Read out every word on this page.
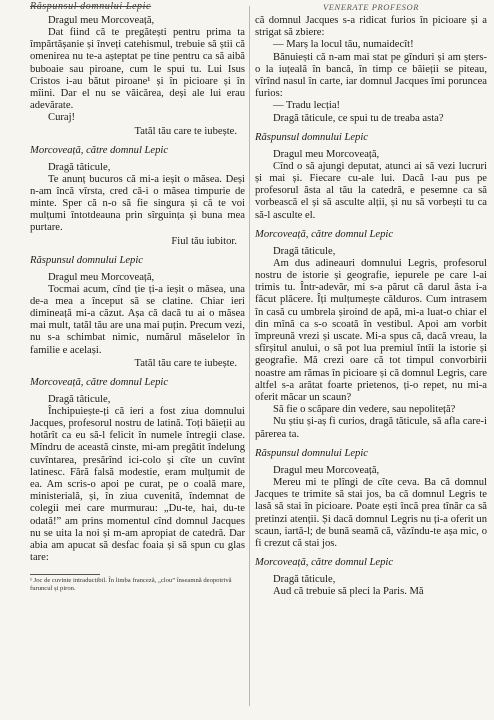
Răspunsul domnului Lepic
Dragul meu Morcoveață,

Dat fiind că te pregătești pentru prima ta împărtășanie și înveți catehismul, trebuie să știi că omenirea nu te-a așteptat pe tine pentru ca să aibă buboaie sau piroane, cum le spui tu. Lui Isus Cristos i-au bătut piroane¹ și în picioare și în mîini. Dar el nu se văicărea, deși ale lui erau adevărate.

Curaj!

Tatăl tău care te iubește.
Morcoveață, către domnul Lepic
Dragă tăticule,

Te anunț bucuros că mi-a ieșit o măsea. Deși n-am încă vîrsta, cred că-i o măsea timpurie de minte. Sper că n-o să fie singura și că te voi mulțumi întotdeauna prin sîrguința și buna mea purtare.

Fiul tău iubitor.
Răspunsul domnului Lepic
Dragul meu Morcoveață,

Tocmai acum, cînd ție ți-a ieșit o măsea, una de-a mea a început să se clatine. Chiar ieri dimineață mi-a căzut. Așa că dacă tu ai o măsea mai mult, tatăl tău are una mai puțin. Precum vezi, nu s-a schimbat nimic, numărul măselelor în familie e același.

Tatăl tău care te iubește.
Morcoveață, către domnul Lepic
Dragă tăticule,

Închipuiește-ți că ieri a fost ziua domnului Jacques, profesorul nostru de latină. Toți băieții au hotărît ca eu să-l felicit în numele întregii clase. Mîndru de această cinste, mi-am pregătit îndelung cuvîntarea, presărînd ici-colo și cîte un cuvînt latinesc. Fără falsă modestie, eram mulțumit de ea. Am scris-o apoi pe curat, pe o coală mare, ministerială, și, în ziua cuvenită, îndemnat de colegii mei care murmurau: „Du-te, hai, du-te odată!” am prins momentul cînd domnul Jacques nu se uita la noi și m-am apropiat de catedră. Dar abia am apucat să desfac foaia și să spun cu glas tare:

¹ Joc de cuvinte intraductibil. În limba franceză, „clou” înseamnă deopotrivă furuncul și piron.

VENERATE PROFESOR

că domnul Jacques s-a ridicat furios în picioare și a strigat să zbiere:

— Marș la locul tău, numaidecît!

Bănuiești că n-am mai stat pe gînduri și am șters-o la iuțeală în bancă, în timp ce băieții se piteau, vîrînd nasul în carte, iar domnul Jacques îmi poruncea furios:

— Tradu lecția!

Dragă tăticule, ce spui tu de treaba asta?

Răspunsul domnului Lepic
Dragul meu Morcoveață,

Cînd o să ajungi deputat, atunci ai să vezi lucruri și mai și. Fiecare cu-ale lui. Dacă l-au pus pe profesorul ăsta al tău la catedră, e pesemne ca să vorbească el și să asculte alții, și nu să vorbești tu ca să-l asculte el.

Morcoveață, către domnul Lepic
Dragă tăticule,

Am dus adineauri domnului Legris, profesorul nostru de istorie și geografie, iepurele pe care l-ai trimis tu. Într-adevăr, mi s-a părut că darul ăsta i-a făcut plăcere. Îți mulțumește călduros. Cum intrasem în casă cu umbrela șiroind de apă, mi-a luat-o chiar el din mînă ca s-o scoată în vestibul. Apoi am vorbit împreună vrezi și uscate. Mi-a spus că, dacă vreau, la sfîrșitul anului, o să pot lua premiul întîi la istorie și geografie. Mă crezi oare că tot timpul convorbirii noastre am rămas în picioare și că domnul Legris, care altfel s-a arătat foarte prietenos, ți-o repet, nu mi-a oferit măcar un scaun?

Să fie o scăpare din vedere, sau nepoliteță?

Nu știu și-aș fi curios, dragă tăticule, să afla care-i părerea ta.

Răspunsul domnului Lepic
Dragul meu Morcoveață,

Mereu mi te plîngi de cîte ceva. Ba că domnul Jacques te trimite să stai jos, ba că domnul Legris te lasă să stai în picioare. Poate ești încă prea tînăr ca să pretinzi atenții. Și dacă domnul Legris nu ți-a oferit un scaun, iartă-l; de bună seamă că, văzîndu-te așa mic, o fi crezut că stai jos.

Morcoveață, către domnul Lepic
Dragă tăticule,

Aud că trebuie să pleci la Paris. Mă
